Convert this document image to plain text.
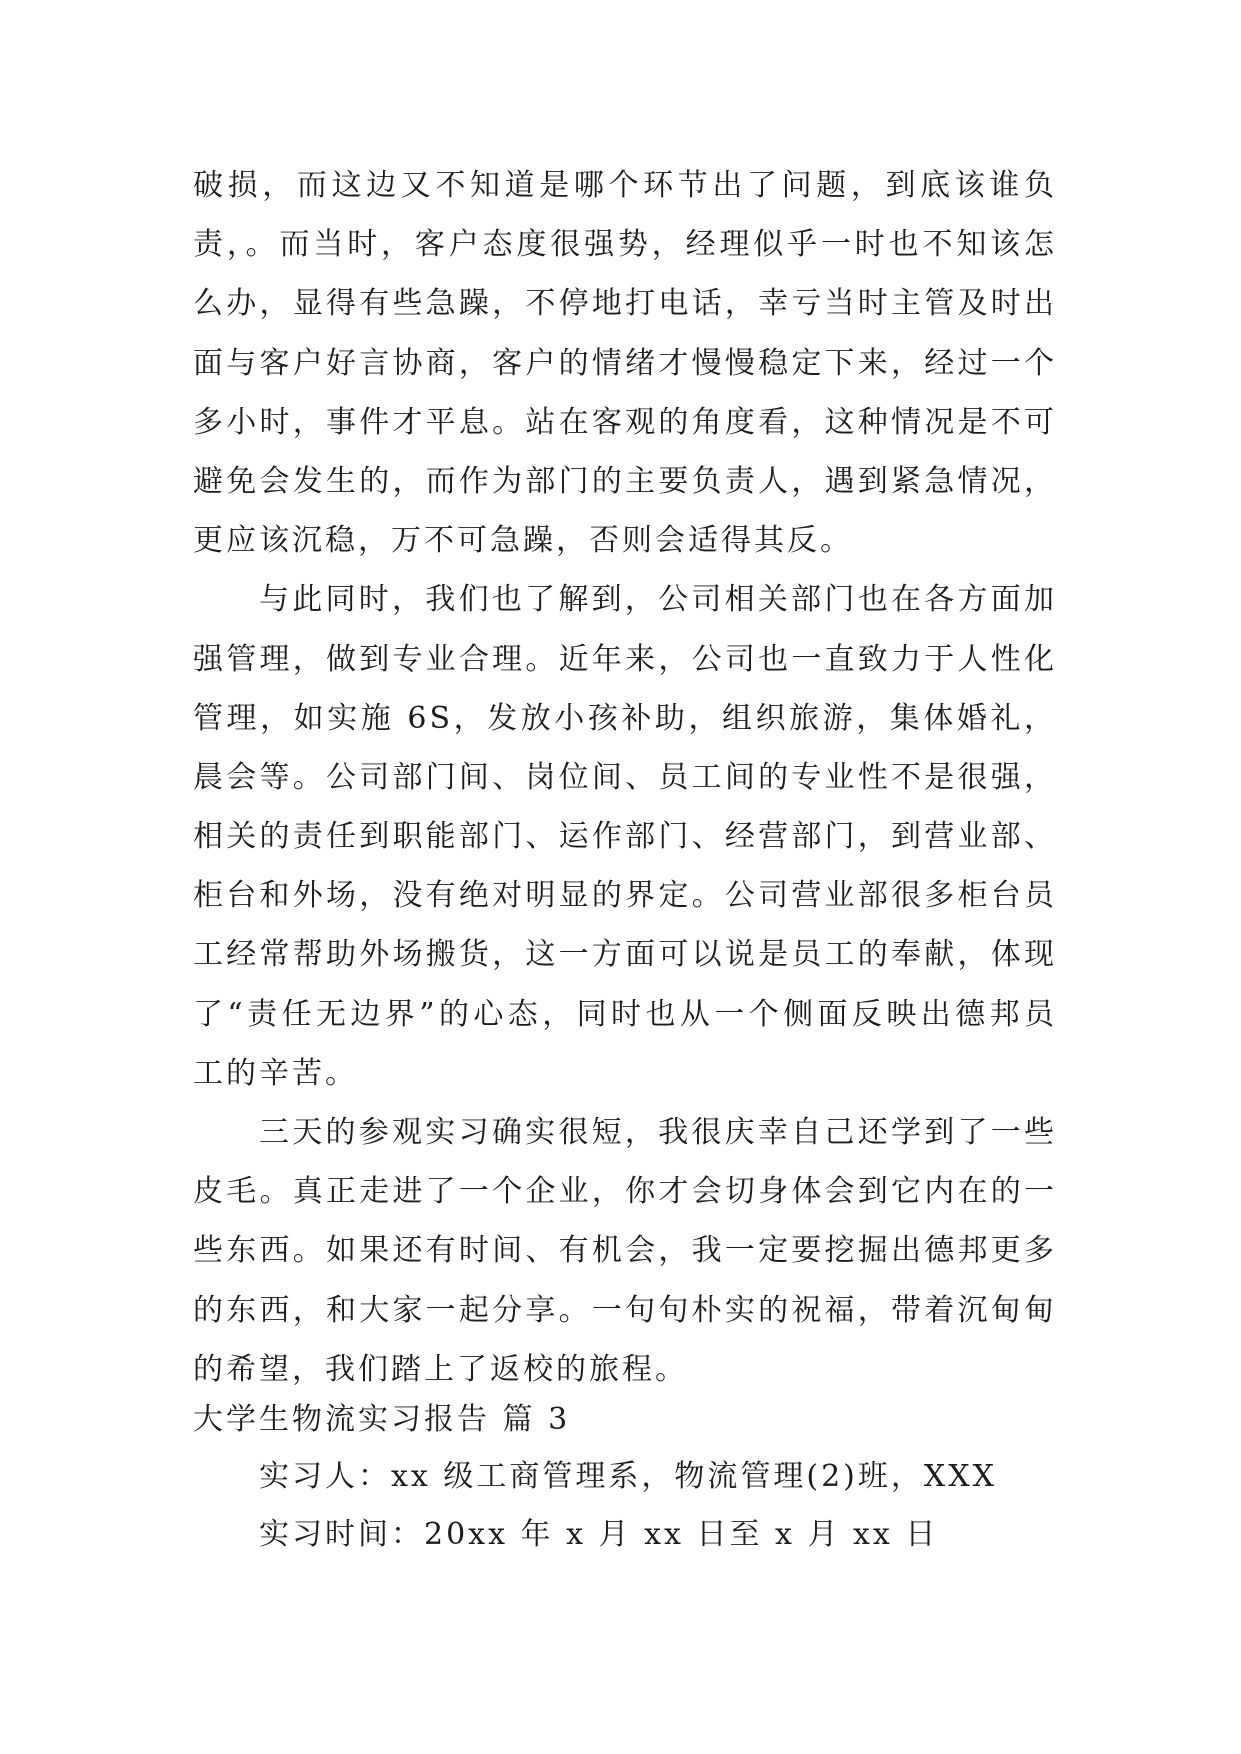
破损，而这边又不知道是哪个环节出了问题，到底该谁负
责，。而当时，客户态度很强势，经理似乎一时也不知该怎
么办，显得有些急躁，不停地打电话，幸亏当时主管及时出
面与客户好言协商，客户的情绪才慢慢稳定下来，经过一个
多小时，事件才平息。站在客观的角度看，这种情况是不可
避免会发生的，而作为部门的主要负责人，遇到紧急情况，
更应该沉稳，万不可急躁，否则会适得其反。
与此同时，我们也了解到，公司相关部门也在各方面加
强管理，做到专业合理。近年来，公司也一直致力于人性化
管理，如实施 6S，发放小孩补助，组织旅游，集体婚礼，
晨会等。公司部门间、岗位间、员工间的专业性不是很强，
相关的责任到职能部门、运作部门、经营部门，到营业部、
柜台和外场，没有绝对明显的界定。公司营业部很多柜台员
工经常帮助外场搬货，这一方面可以说是员工的奉献，体现
了“责任无边界”的心态，同时也从一个侧面反映出德邦员
工的辛苦。
三天的参观实习确实很短，我很庆幸自己还学到了一些
皮毛。真正走进了一个企业，你才会切身体会到它内在的一
些东西。如果还有时间、有机会，我一定要挖掘出德邦更多
的东西，和大家一起分享。一句句朴实的祝福，带着沉甸甸
的希望，我们踏上了返校的旅程。
大学生物流实习报告 篇 3
实习人：xx 级工商管理系，物流管理(2)班，XXX
实习时间：20xx 年 x 月 xx 日至 x 月 xx 日
